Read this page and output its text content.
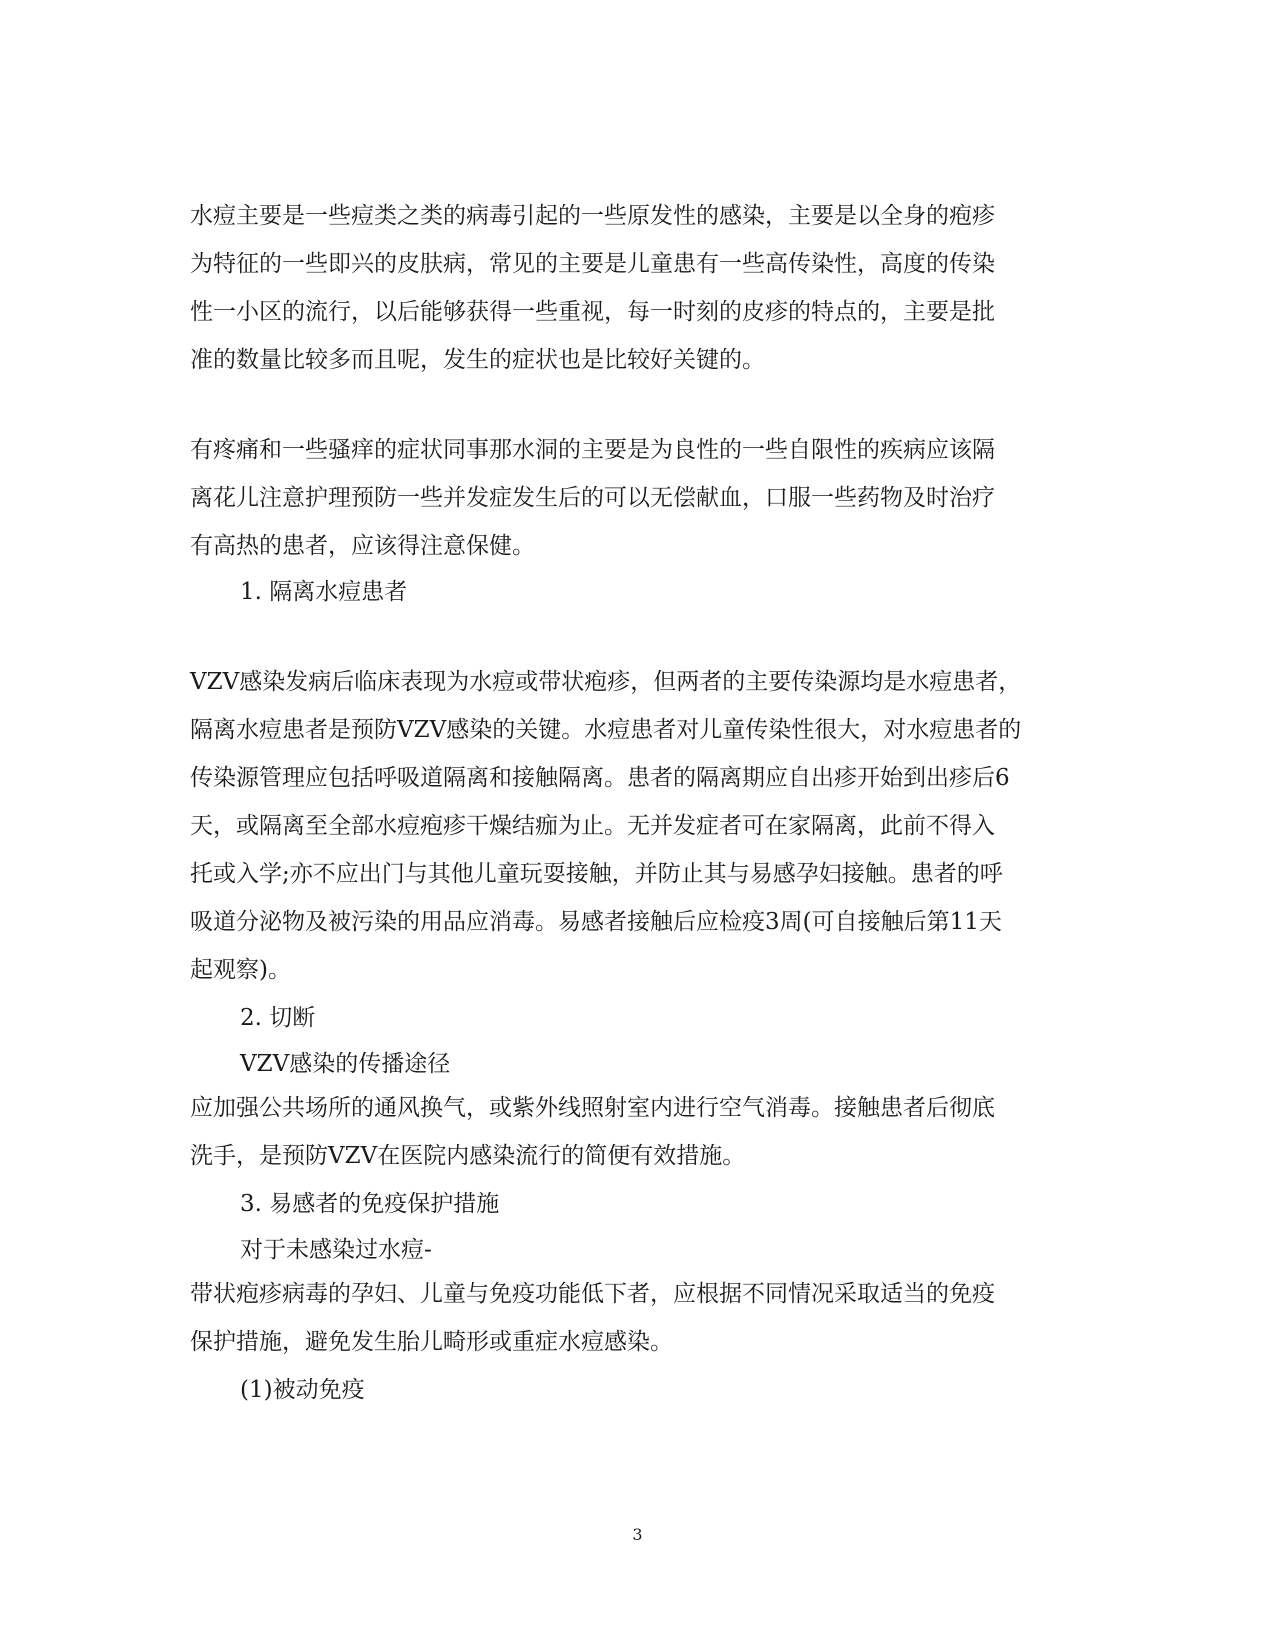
水痘主要是一些痘类之类的病毒引起的一些原发性的感染，主要是以全身的疱疹
为特征的一些即兴的皮肤病，常见的主要是儿童患有一些高传染性，高度的传染
性一小区的流行，以后能够获得一些重视，每一时刻的皮疹的特点的，主要是批
准的数量比较多而且呢，发生的症状也是比较好关键的。
有疼痛和一些骚痒的症状同事那水洞的主要是为良性的一些自限性的疾病应该隔
离花儿注意护理预防一些并发症发生后的可以无偿献血，口服一些药物及时治疗
有高热的患者，应该得注意保健。
1. 隔离水痘患者
VZV感染发病后临床表现为水痘或带状疱疹，但两者的主要传染源均是水痘患者，
隔离水痘患者是预防VZV感染的关键。水痘患者对儿童传染性很大，对水痘患者的
传染源管理应包括呼吸道隔离和接触隔离。患者的隔离期应自出疹开始到出疹后6
天，或隔离至全部水痘疱疹干燥结痂为止。无并发症者可在家隔离，此前不得入
托或入学;亦不应出门与其他儿童玩耍接触，并防止其与易感孕妇接触。患者的呼
吸道分泌物及被污染的用品应消毒。易感者接触后应检疫3周(可自接触后第11天
起观察)。
2. 切断
VZV感染的传播途径
应加强公共场所的通风换气，或紫外线照射室内进行空气消毒。接触患者后彻底
洗手，是预防VZV在医院内感染流行的简便有效措施。
3. 易感者的免疫保护措施
对于未感染过水痘-
带状疱疹病毒的孕妇、儿童与免疫功能低下者，应根据不同情况采取适当的免疫
保护措施，避免发生胎儿畸形或重症水痘感染。
(1)被动免疫
3
